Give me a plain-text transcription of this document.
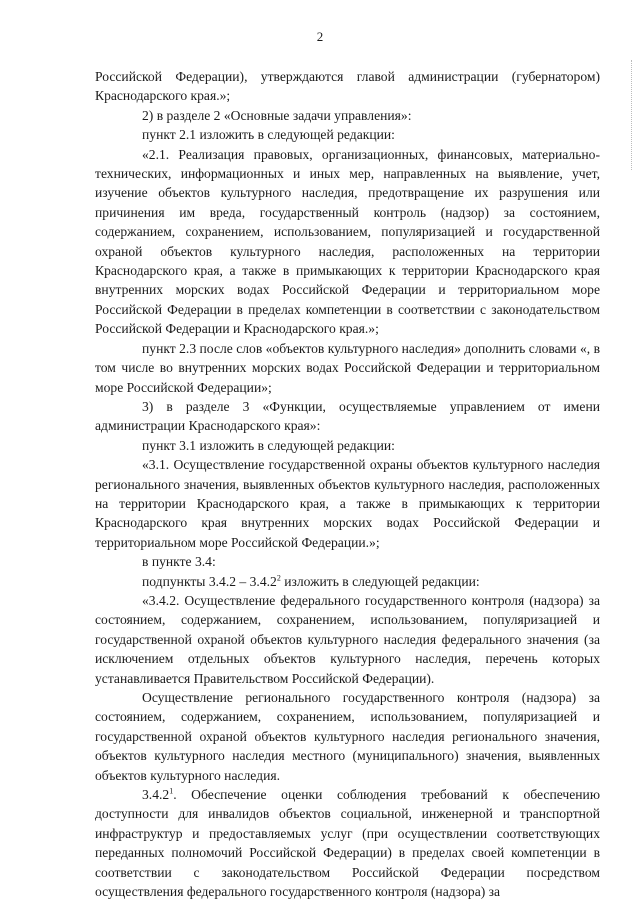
2

Российской Федерации), утверждаются главой администрации (губернатором) Краснодарского края.»;

2) в разделе 2 «Основные задачи управления»:

пункт 2.1 изложить в следующей редакции:

«2.1. Реализация правовых, организационных, финансовых, материально-технических, информационных и иных мер, направленных на выявление, учет, изучение объектов культурного наследия, предотвращение их разрушения или причинения им вреда, государственный контроль (надзор) за состоянием, содержанием, сохранением, использованием, популяризацией и государственной охраной объектов культурного наследия, расположенных на территории Краснодарского края, а также в примыкающих к территории Краснодарского края внутренних морских водах Российской Федерации и территориальном море Российской Федерации в пределах компетенции в соответствии с законодательством Российской Федерации и Краснодарского края.»;

пункт 2.3 после слов «объектов культурного наследия» дополнить словами «, в том числе во внутренних морских водах Российской Федерации и территориальном море Российской Федерации»;

3) в разделе 3 «Функции, осуществляемые управлением от имени администрации Краснодарского края»:

пункт 3.1 изложить в следующей редакции:

«3.1. Осуществление государственной охраны объектов культурного наследия регионального значения, выявленных объектов культурного наследия, расположенных на территории Краснодарского края, а также в примыкающих к территории Краснодарского края внутренних морских водах Российской Федерации и территориальном море Российской Федерации.»;

в пункте 3.4:

подпункты 3.4.2 – 3.4.2$^2$ изложить в следующей редакции:

«3.4.2. Осуществление федерального государственного контроля (надзора) за состоянием, содержанием, сохранением, использованием, популяризацией и государственной охраной объектов культурного наследия федерального значения (за исключением отдельных объектов культурного наследия, перечень которых устанавливается Правительством Российской Федерации).

Осуществление регионального государственного контроля (надзора) за состоянием, содержанием, сохранением, использованием, популяризацией и государственной охраной объектов культурного наследия регионального значения, объектов культурного наследия местного (муниципального) значения, выявленных объектов культурного наследия.

3.4.2$^1$. Обеспечение оценки соблюдения требований к обеспечению доступности для инвалидов объектов социальной, инженерной и транспортной инфраструктур и предоставляемых услуг (при осуществлении соответствующих переданных полномочий Российской Федерации) в пределах своей компетенции в соответствии с законодательством Российской Федерации посредством осуществления федерального государственного контроля (надзора) за
